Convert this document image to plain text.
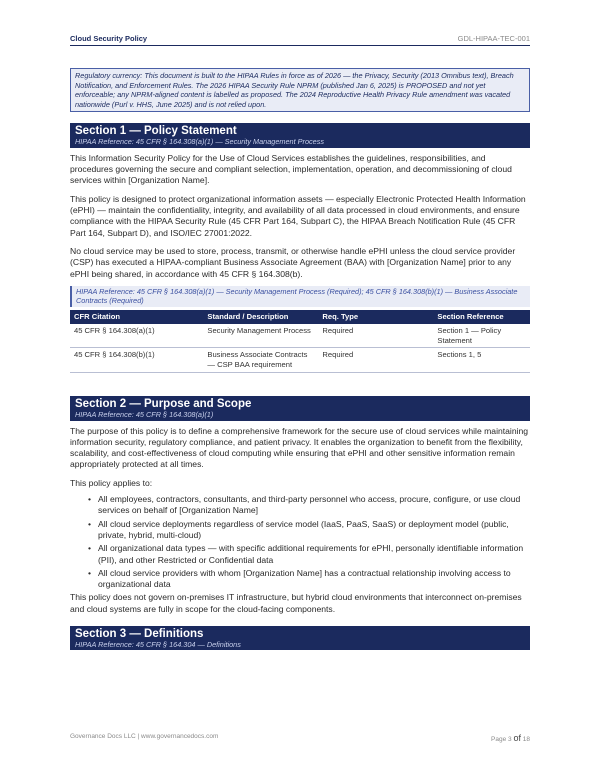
Cloud Security Policy	GDL-HIPAA-TEC-001
Regulatory currency: This document is built to the HIPAA Rules in force as of 2026 — the Privacy, Security (2013 Omnibus text), Breach Notification, and Enforcement Rules. The 2026 HIPAA Security Rule NPRM (published Jan 6, 2025) is PROPOSED and not yet enforceable; any NPRM-aligned content is labelled as proposed. The 2024 Reproductive Health Privacy Rule amendment was vacated nationwide (Purl v. HHS, June 2025) and is not relied upon.
Section 1 — Policy Statement
HIPAA Reference: 45 CFR § 164.308(a)(1) — Security Management Process

This Information Security Policy for the Use of Cloud Services establishes the guidelines, responsibilities, and procedures governing the secure and compliant selection, implementation, operation, and decommissioning of cloud services within [Organization Name].

This policy is designed to protect organizational information assets — especially Electronic Protected Health Information (ePHI) — maintain the confidentiality, integrity, and availability of all data processed in cloud environments, and ensure compliance with the HIPAA Security Rule (45 CFR Part 164, Subpart C), the HIPAA Breach Notification Rule (45 CFR Part 164, Subpart D), and ISO/IEC 27001:2022.

No cloud service may be used to store, process, transmit, or otherwise handle ePHI unless the cloud service provider (CSP) has executed a HIPAA-compliant Business Associate Agreement (BAA) with [Organization Name] prior to any ePHI being shared, in accordance with 45 CFR § 164.308(b).

HIPAA Reference: 45 CFR § 164.308(a)(1) — Security Management Process (Required); 45 CFR § 164.308(b)(1) — Business Associate Contracts (Required)
CFR Citation	Standard / Description	Req. Type	Section Reference
45 CFR § 164.308(a)(1)	Security Management Process	Required	Section 1 — Policy Statement
45 CFR § 164.308(b)(1)	Business Associate Contracts — CSP BAA requirement	Required	Sections 1, 5
Section 2 — Purpose and Scope
HIPAA Reference: 45 CFR § 164.308(a)(1)

The purpose of this policy is to define a comprehensive framework for the secure use of cloud services while maintaining information security, regulatory compliance, and patient privacy. It enables the organization to benefit from the flexibility, scalability, and cost-effectiveness of cloud computing while ensuring that ePHI and other sensitive information remain appropriately protected at all times.

This policy applies to:

• All employees, contractors, consultants, and third-party personnel who access, procure, configure, or use cloud services on behalf of [Organization Name]
• All cloud service deployments regardless of service model (IaaS, PaaS, SaaS) or deployment model (public, private, hybrid, multi-cloud)
• All organizational data types — with specific additional requirements for ePHI, personally identifiable information (PII), and other Restricted or Confidential data
• All cloud service providers with whom [Organization Name] has a contractual relationship involving access to organizational data

This policy does not govern on-premises IT infrastructure, but hybrid cloud environments that interconnect on-premises and cloud systems are fully in scope for the cloud-facing components.

Section 3 — Definitions
HIPAA Reference: 45 CFR § 164.304 — Definitions
Governance Docs LLC | www.governancedocs.com	Page 3 of 18
